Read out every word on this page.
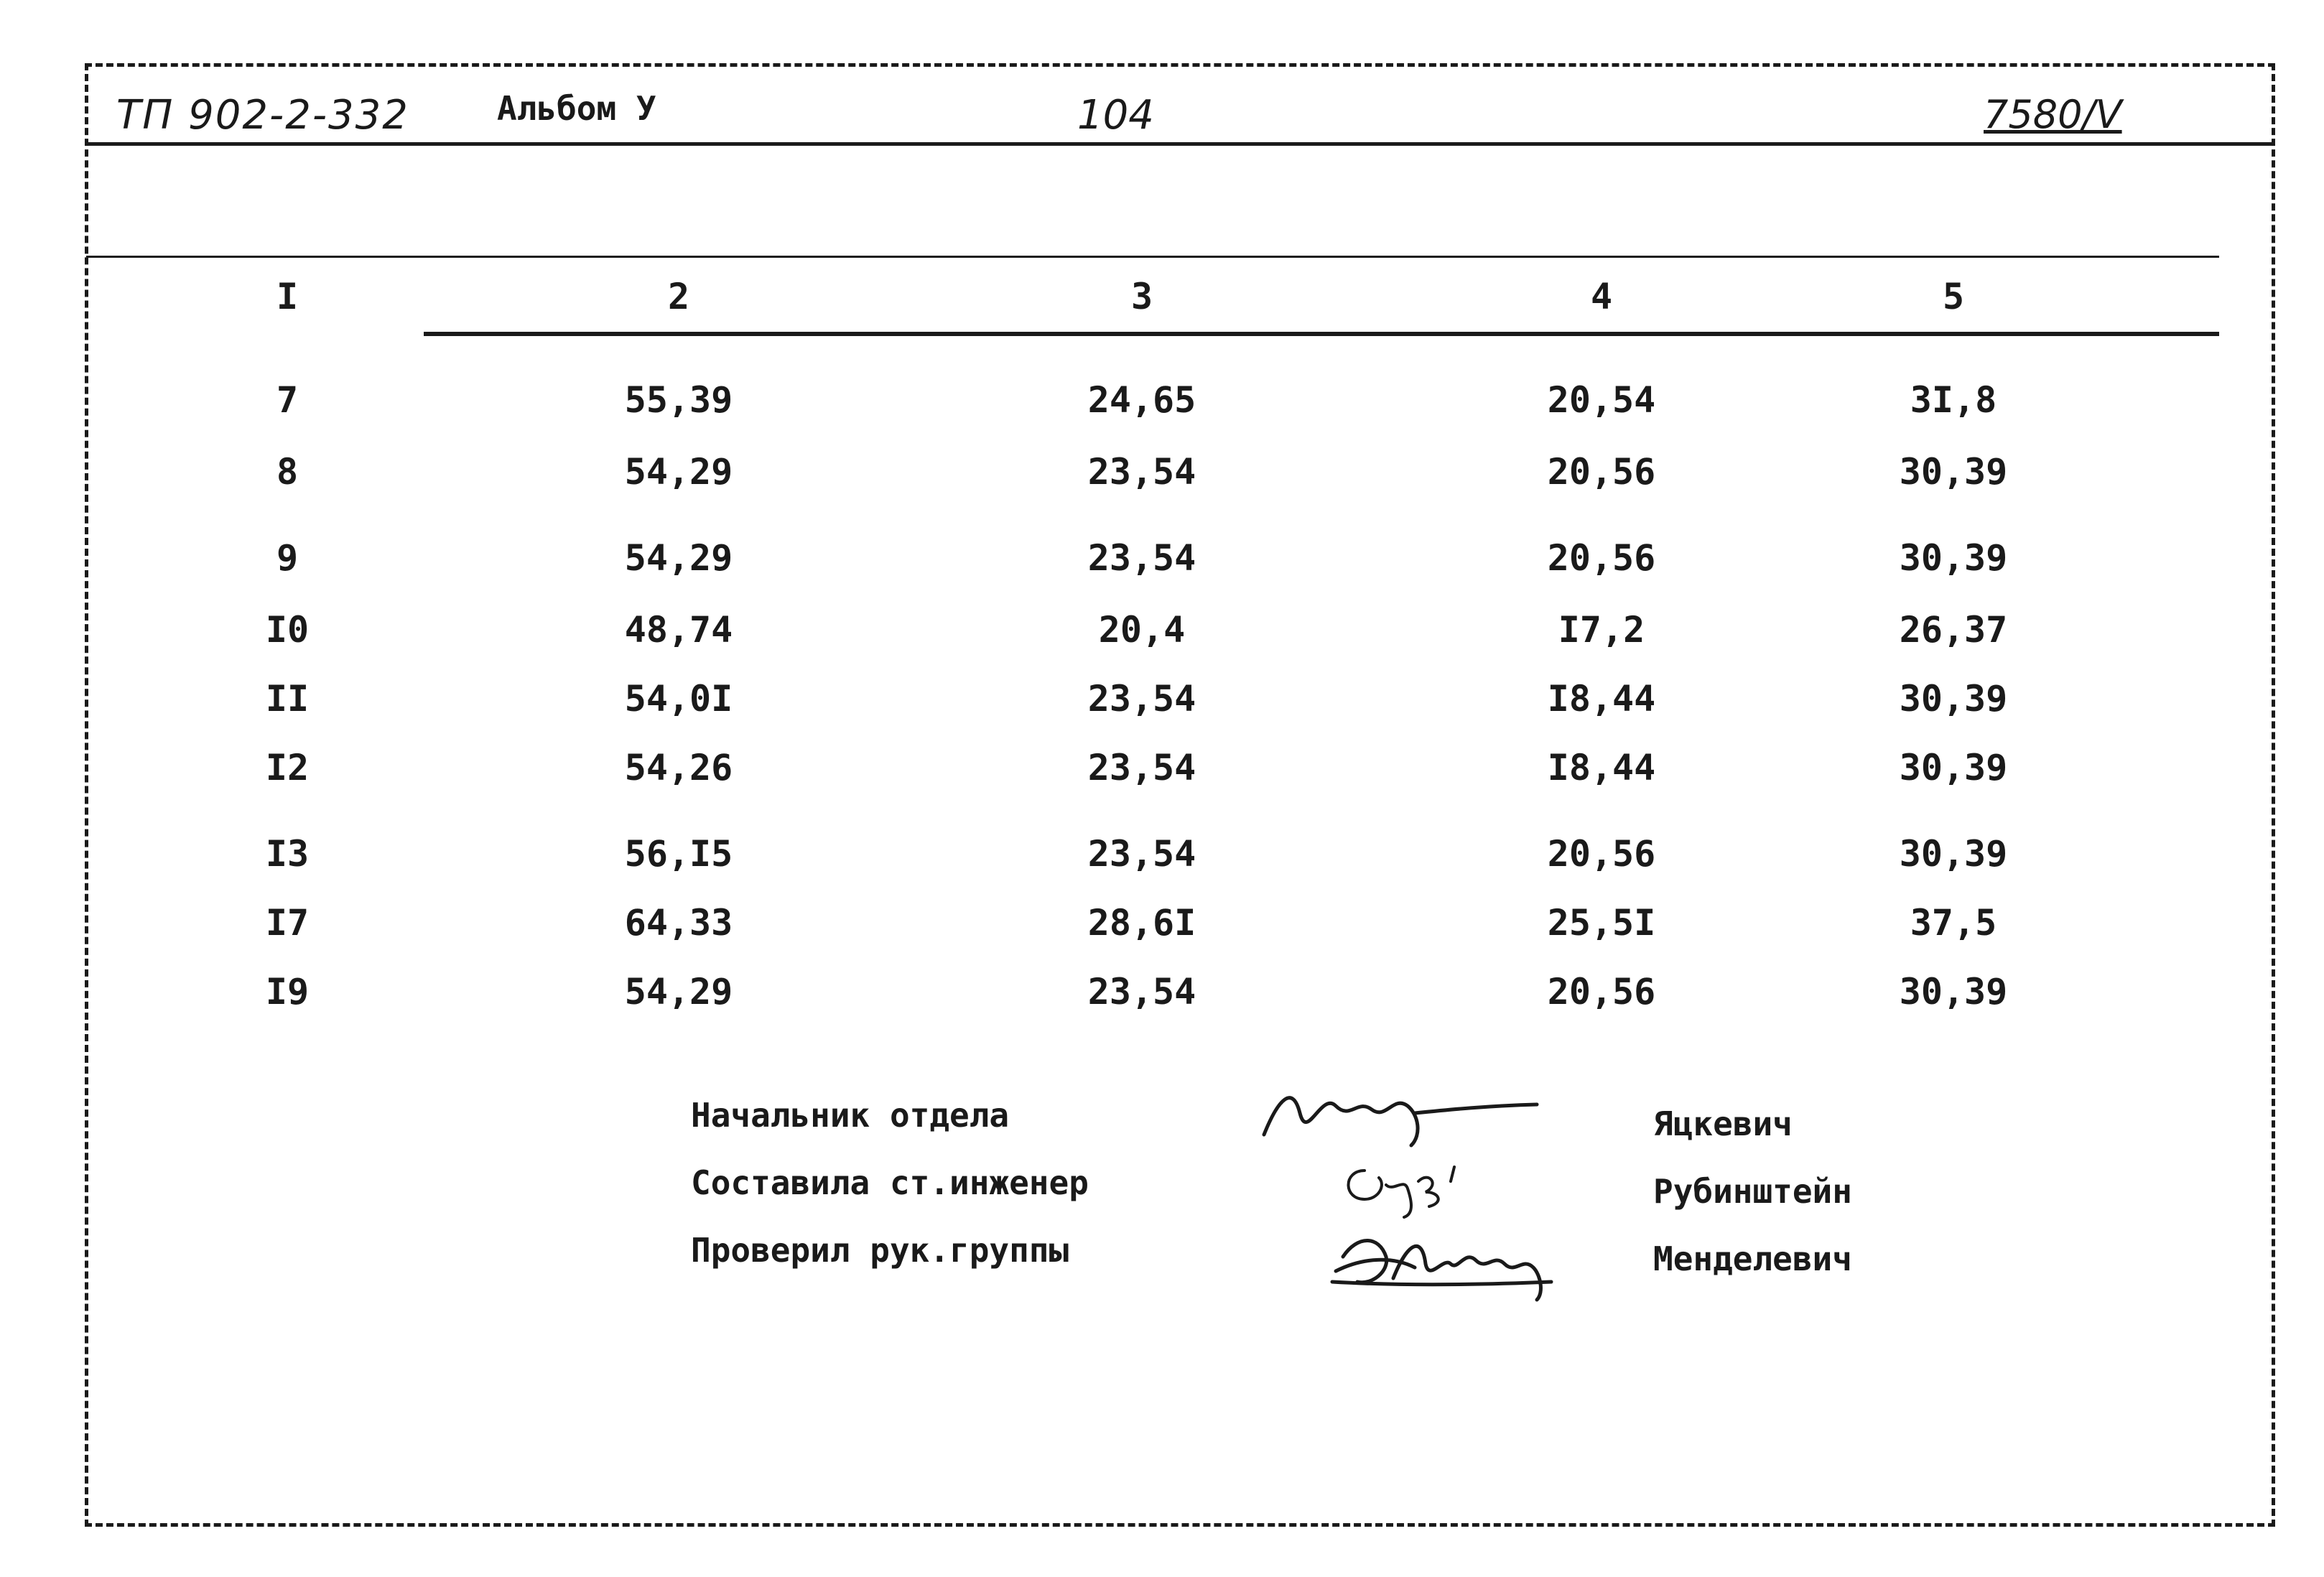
ТП 902-2-332	Альбом У	104	7580/V
I	2	3	4	5
7	55,39	24,65	20,54	3I,8
8	54,29	23,54	20,56	30,39
9	54,29	23,54	20,56	30,39
I0	48,74	20,4	I7,2	26,37
II	54,0I	23,54	I8,44	30,39
I2	54,26	23,54	I8,44	30,39
I3	56,I5	23,54	20,56	30,39
I7	64,33	28,6I	25,5I	37,5
I9	54,29	23,54	20,56	30,39
Начальник отдела	Яцкевич
Составила ст.инженер	Рубинштейн
Проверил рук.группы	Менделевич
